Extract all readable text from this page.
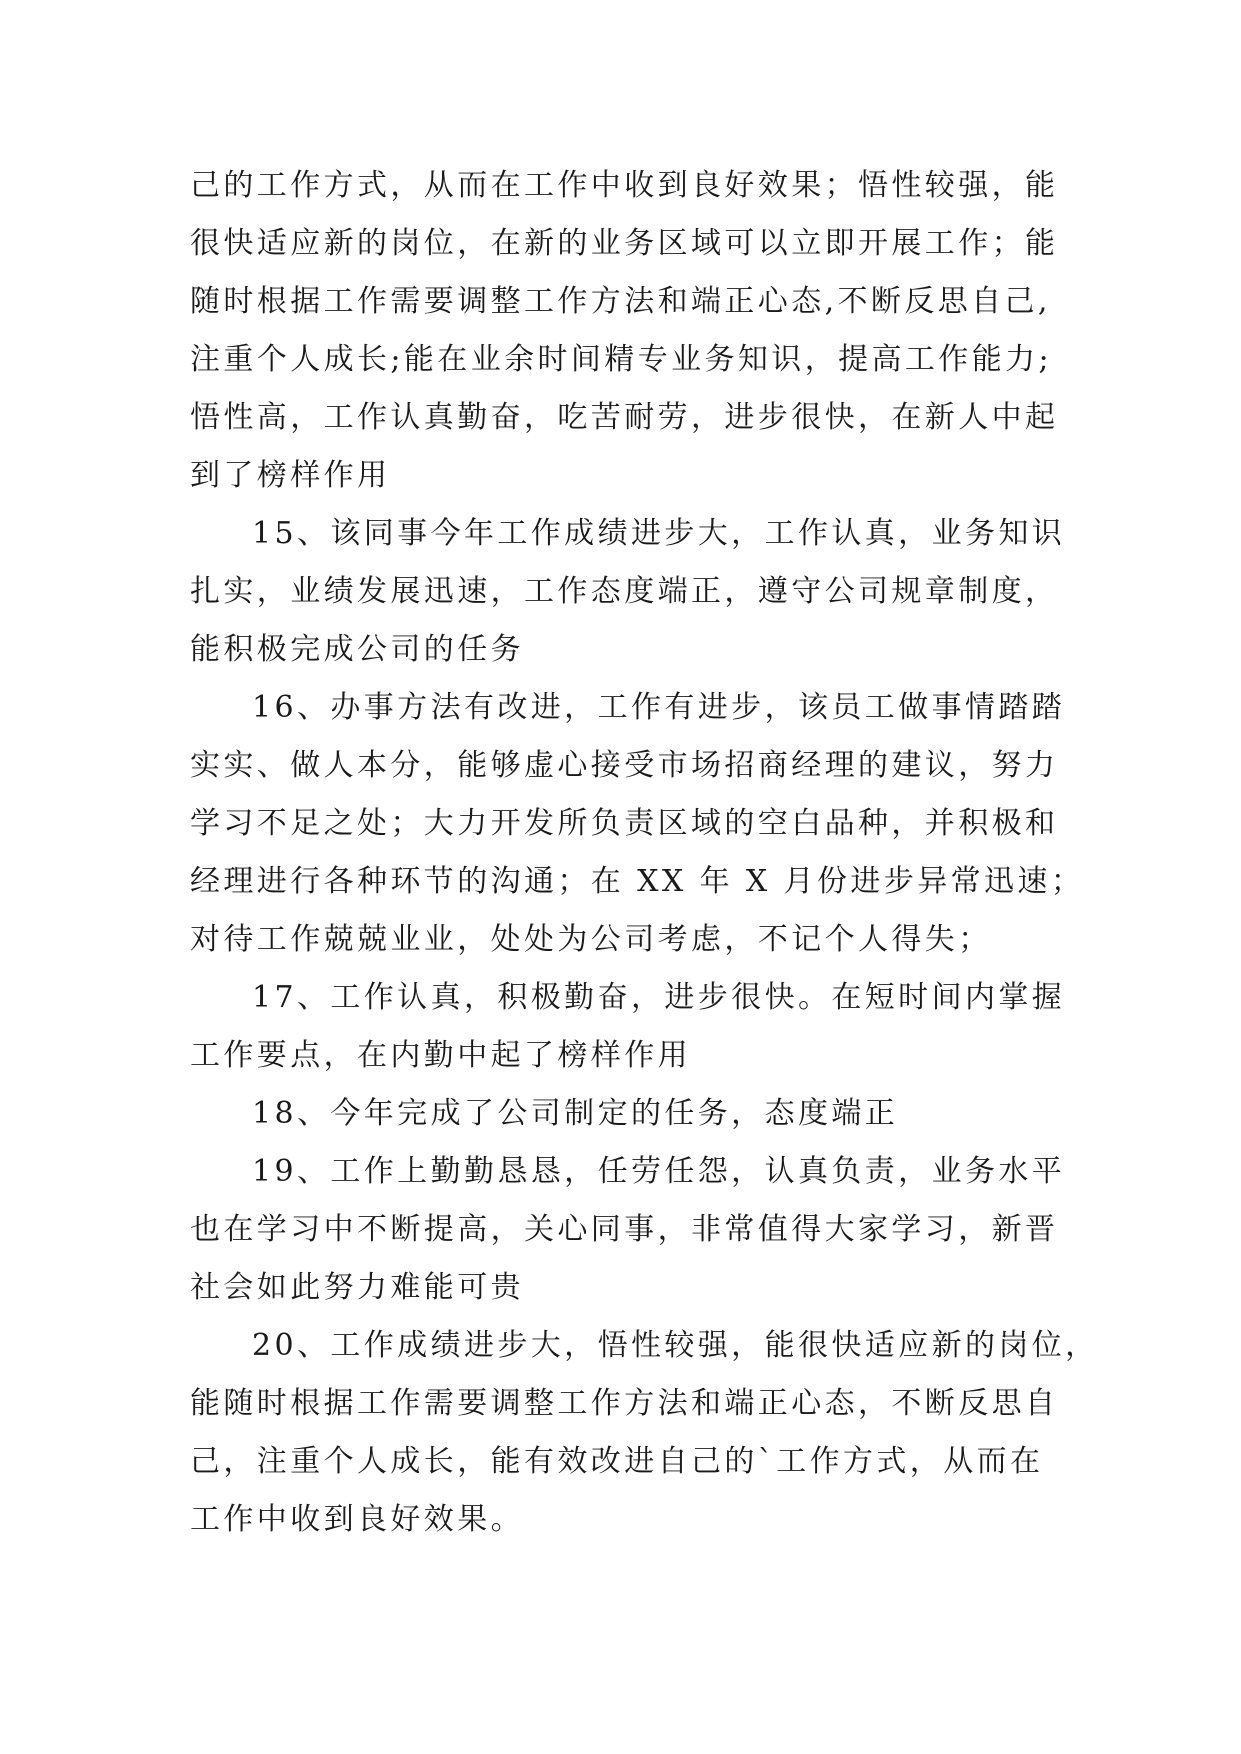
己的工作方式，从而在工作中收到良好效果；悟性较强，能
很快适应新的岗位，在新的业务区域可以立即开展工作；能
随时根据工作需要调整工作方法和端正心态,不断反思自己,
注重个人成长;能在业余时间精专业务知识，提高工作能力;
悟性高，工作认真勤奋，吃苦耐劳，进步很快，在新人中起
到了榜样作用
15、该同事今年工作成绩进步大，工作认真，业务知识
扎实，业绩发展迅速，工作态度端正，遵守公司规章制度，
能积极完成公司的任务
16、办事方法有改进，工作有进步，该员工做事情踏踏
实实、做人本分，能够虚心接受市场招商经理的建议，努力
学习不足之处；大力开发所负责区域的空白品种，并积极和
经理进行各种环节的沟通；在 XX 年 X 月份进步异常迅速；
对待工作兢兢业业，处处为公司考虑，不记个人得失；
17、工作认真，积极勤奋，进步很快。在短时间内掌握
工作要点，在内勤中起了榜样作用
18、今年完成了公司制定的任务，态度端正
19、工作上勤勤恳恳，任劳任怨，认真负责，业务水平
也在学习中不断提高，关心同事，非常值得大家学习，新晋
社会如此努力难能可贵
20、工作成绩进步大，悟性较强，能很快适应新的岗位，
能随时根据工作需要调整工作方法和端正心态，不断反思自
己，注重个人成长，能有效改进自己的`工作方式，从而在
工作中收到良好效果。
